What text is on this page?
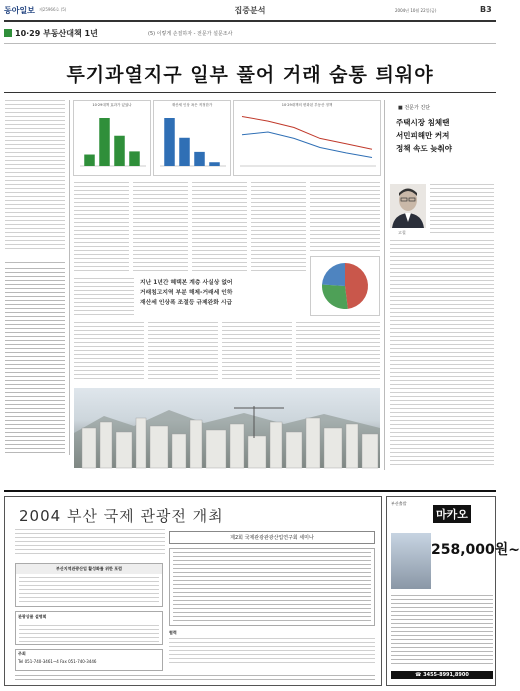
동아일보 제25966호 (5)	집중분석	2004년 10월 22일(금)	B3
10·29 부동산대책 1년	(5) 이렇게 손질하자 - 전문가 설문조사
투기과열지구 일부 풀어 거래 숨통 틔워야
10·29대책 효과가 있었나	재산세 인상 폭은 적정한가	10·29대책의 변화된 부동산 정책
지난 1년간 혜택본 계층 사실상 없어
거래침고지역 부분 해제-거래세 인하
재산세 인상폭 조절등 규제완화 시급
■ 전문가 진단
주택시장 침체땐
서민피해만 커져
정책 속도 늦춰야
고철
2004 부산 국제 관광전 개최
부산지역관광산업 활성화를 위한 포럼
관광상품 설명회
주최
Tel 051-740-3461~4 Fax 051-740-3446
제2회 국제관광관광산업연구회 세미나
협력
부산출발
마카오
258,000원~
☎ 3455-8991,8900
